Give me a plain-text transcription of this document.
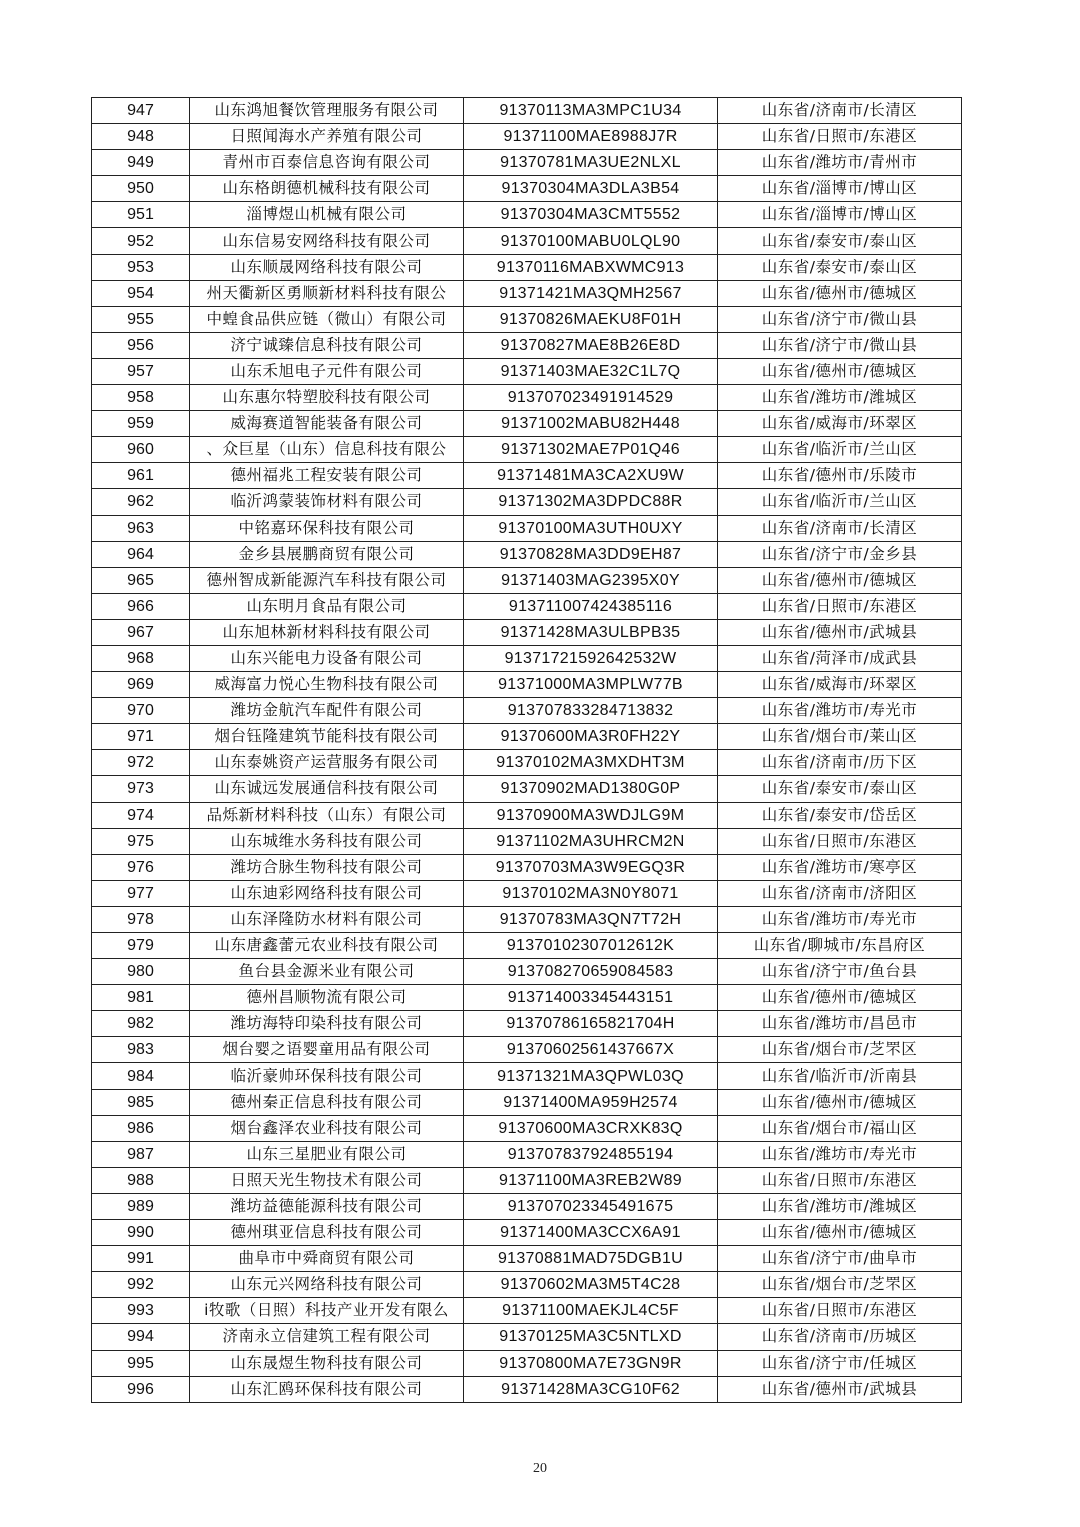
947	山东鸿旭餐饮管理服务有限公司	91370113MA3MPC1U34	山东省/济南市/长清区
948	日照闻海水产养殖有限公司	91371100MAE8988J7R	山东省/日照市/东港区
949	青州市百泰信息咨询有限公司	91370781MA3UE2NLXL	山东省/潍坊市/青州市
950	山东格朗德机械科技有限公司	91370304MA3DLA3B54	山东省/淄博市/博山区
951	淄博煜山机械有限公司	91370304MA3CMT5552	山东省/淄博市/博山区
952	山东信易安网络科技有限公司	91370100MABU0LQL90	山东省/泰安市/泰山区
953	山东顺晟网络科技有限公司	91370116MABXWMC913	山东省/泰安市/泰山区
954	州天衢新区勇顺新材料科技有限公	91371421MA3QMH2567	山东省/德州市/德城区
955	中蝗食品供应链（微山）有限公司	91370826MAEKU8F01H	山东省/济宁市/微山县
956	济宁诚臻信息科技有限公司	91370827MAE8B26E8D	山东省/济宁市/微山县
957	山东禾旭电子元件有限公司	91371403MAE32C1L7Q	山东省/德州市/德城区
958	山东惠尔特塑胶科技有限公司	913707023491914529	山东省/潍坊市/潍城区
959	威海赛道智能装备有限公司	91371002MABU82H448	山东省/威海市/环翠区
960	、众巨星（山东）信息科技有限公	91371302MAE7P01Q46	山东省/临沂市/兰山区
961	德州福兆工程安装有限公司	91371481MA3CA2XU9W	山东省/德州市/乐陵市
962	临沂鸿蒙装饰材料有限公司	91371302MA3DPDC88R	山东省/临沂市/兰山区
963	中铭嘉环保科技有限公司	91370100MA3UTH0UXY	山东省/济南市/长清区
964	金乡县展鹏商贸有限公司	91370828MA3DD9EH87	山东省/济宁市/金乡县
965	德州智成新能源汽车科技有限公司	91371403MAG2395X0Y	山东省/德州市/德城区
966	山东明月食品有限公司	913711007424385116	山东省/日照市/东港区
967	山东旭林新材料科技有限公司	91371428MA3ULBPB35	山东省/德州市/武城县
968	山东兴能电力设备有限公司	91371721592642532W	山东省/菏泽市/成武县
969	威海富力悦心生物科技有限公司	91371000MA3MPLW77B	山东省/威海市/环翠区
970	潍坊金航汽车配件有限公司	913707833284713832	山东省/潍坊市/寿光市
971	烟台钰隆建筑节能科技有限公司	91370600MA3R0FH22Y	山东省/烟台市/莱山区
972	山东泰姚资产运营服务有限公司	91370102MA3MXDHT3M	山东省/济南市/历下区
973	山东诚远发展通信科技有限公司	91370902MAD1380G0P	山东省/泰安市/泰山区
974	品烁新材料科技（山东）有限公司	91370900MA3WDJLG9M	山东省/泰安市/岱岳区
975	山东城维水务科技有限公司	91371102MA3UHRCM2N	山东省/日照市/东港区
976	潍坊合脉生物科技有限公司	91370703MA3W9EGQ3R	山东省/潍坊市/寒亭区
977	山东迪彩网络科技有限公司	91370102MA3N0Y8071	山东省/济南市/济阳区
978	山东泽隆防水材料有限公司	91370783MA3QN7T72H	山东省/潍坊市/寿光市
979	山东唐鑫蕾元农业科技有限公司	91370102307012612K	山东省/聊城市/东昌府区
980	鱼台县金源米业有限公司	913708270659084583	山东省/济宁市/鱼台县
981	德州昌顺物流有限公司	913714003345443151	山东省/德州市/德城区
982	潍坊海特印染科技有限公司	91370786165821704H	山东省/潍坊市/昌邑市
983	烟台婴之语婴童用品有限公司	91370602561437667X	山东省/烟台市/芝罘区
984	临沂豪帅环保科技有限公司	91371321MA3QPWL03Q	山东省/临沂市/沂南县
985	德州秦正信息科技有限公司	91371400MA959H2574	山东省/德州市/德城区
986	烟台鑫泽农业科技有限公司	91370600MA3CRXK83Q	山东省/烟台市/福山区
987	山东三星肥业有限公司	913707837924855194	山东省/潍坊市/寿光市
988	日照天光生物技术有限公司	91371100MA3REB2W89	山东省/日照市/东港区
989	潍坊益德能源科技有限公司	913707023345491675	山东省/潍坊市/潍城区
990	德州琪亚信息科技有限公司	91371400MA3CCX6A91	山东省/德州市/德城区
991	曲阜市中舜商贸有限公司	91370881MAD75DGB1U	山东省/济宁市/曲阜市
992	山东元兴网络科技有限公司	91370602MA3M5T4C28	山东省/烟台市/芝罘区
993	i牧歌（日照）科技产业开发有限么	91371100MAEKJL4C5F	山东省/日照市/东港区
994	济南永立信建筑工程有限公司	91370125MA3C5NTLXD	山东省/济南市/历城区
995	山东晟煜生物科技有限公司	91370800MA7E73GN9R	山东省/济宁市/任城区
996	山东汇鸥环保科技有限公司	91371428MA3CG10F62	山东省/德州市/武城县
20
